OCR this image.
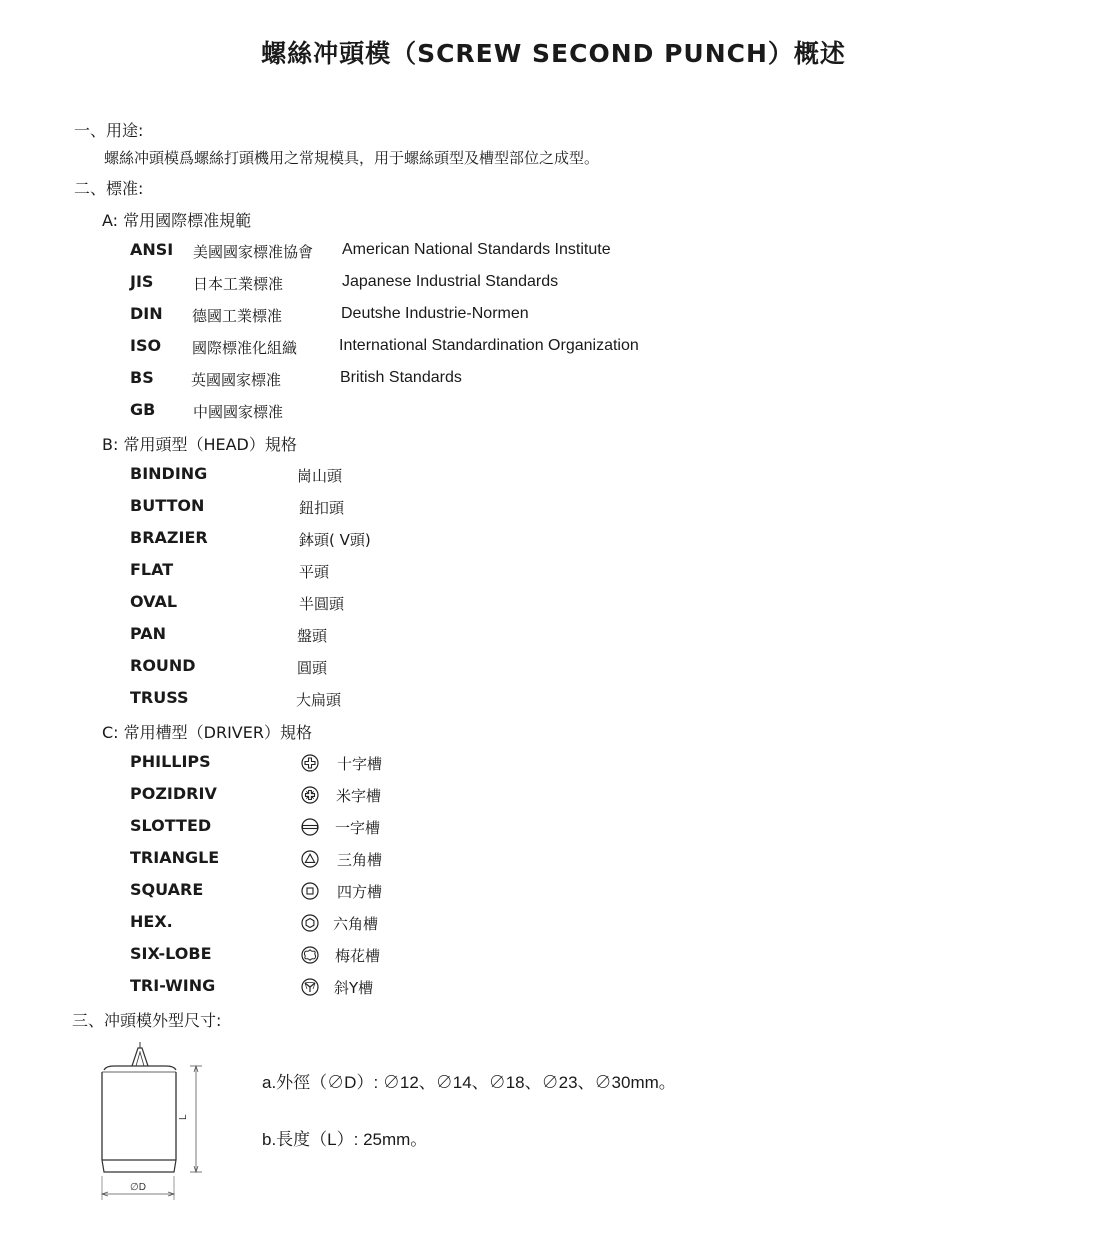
螺絲冲頭模（SCREW SECOND PUNCH）概述
一、用途:
螺絲冲頭模爲螺絲打頭機用之常規模具，用于螺絲頭型及槽型部位之成型。
二、標准:
A: 常用國際標准規範
ANSI 美國國家標准協會 American National Standards Institute
JIS	日本工業標准	Japanese Industrial Standards
DIN 德國工業標准	Deutshe Industrie-Normen
ISO 國際標准化組織	International Standardination Organization
BS 英國國家標准	British Standards
GB	中國國家標准
B: 常用頭型（HEAD）規格
BINDING	崗山頭
BUTTON	鈕扣頭
BRAZIER	鉢頭( V頭)
FLAT	平頭
OVAL	半圓頭
PAN	盤頭
ROUND	圓頭
TRUSS	大扁頭
C: 常用槽型（DRIVER）規格
PHILLIPS	十字槽
POZIDRIV	米字槽
SLOTTED	一字槽
TRIANGLE	三角槽
SQUARE	四方槽
HEX.	六角槽
SIX-LOBE	梅花槽
TRI-WING	斜Y槽
三、冲頭模外型尺寸:
L
∅D
a.外徑（∅D）: ∅12、∅14、∅18、∅23、∅30mm。
b.長度（L）: 25mm。
